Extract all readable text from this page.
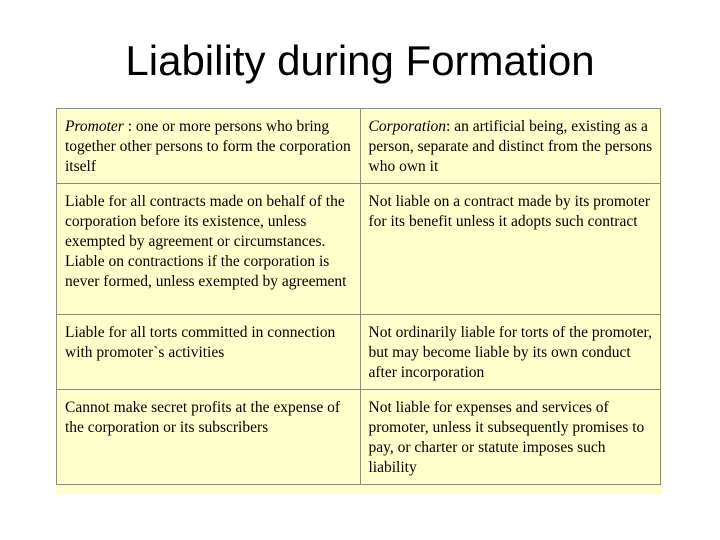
Liability during Formation
Promoter : one or more persons who bring together other persons to form the corporation itself	Corporation: an artificial being, existing as a person, separate and distinct from the persons who own it
Liable for all contracts made on behalf of the corporation before its existence, unless exempted by agreement or circumstances. Liable on contractions if the corporation is never formed, unless exempted by agreement	Not liable on a contract made by its promoter for its benefit unless it adopts such contract
Liable for all torts committed in connection with promoter`s activities	Not ordinarily liable for torts of the promoter, but may become liable by its own conduct after incorporation
Cannot make secret profits at the expense of the corporation or its subscribers	Not liable for expenses and services of promoter, unless it subsequently promises to pay, or charter or statute imposes such liability
